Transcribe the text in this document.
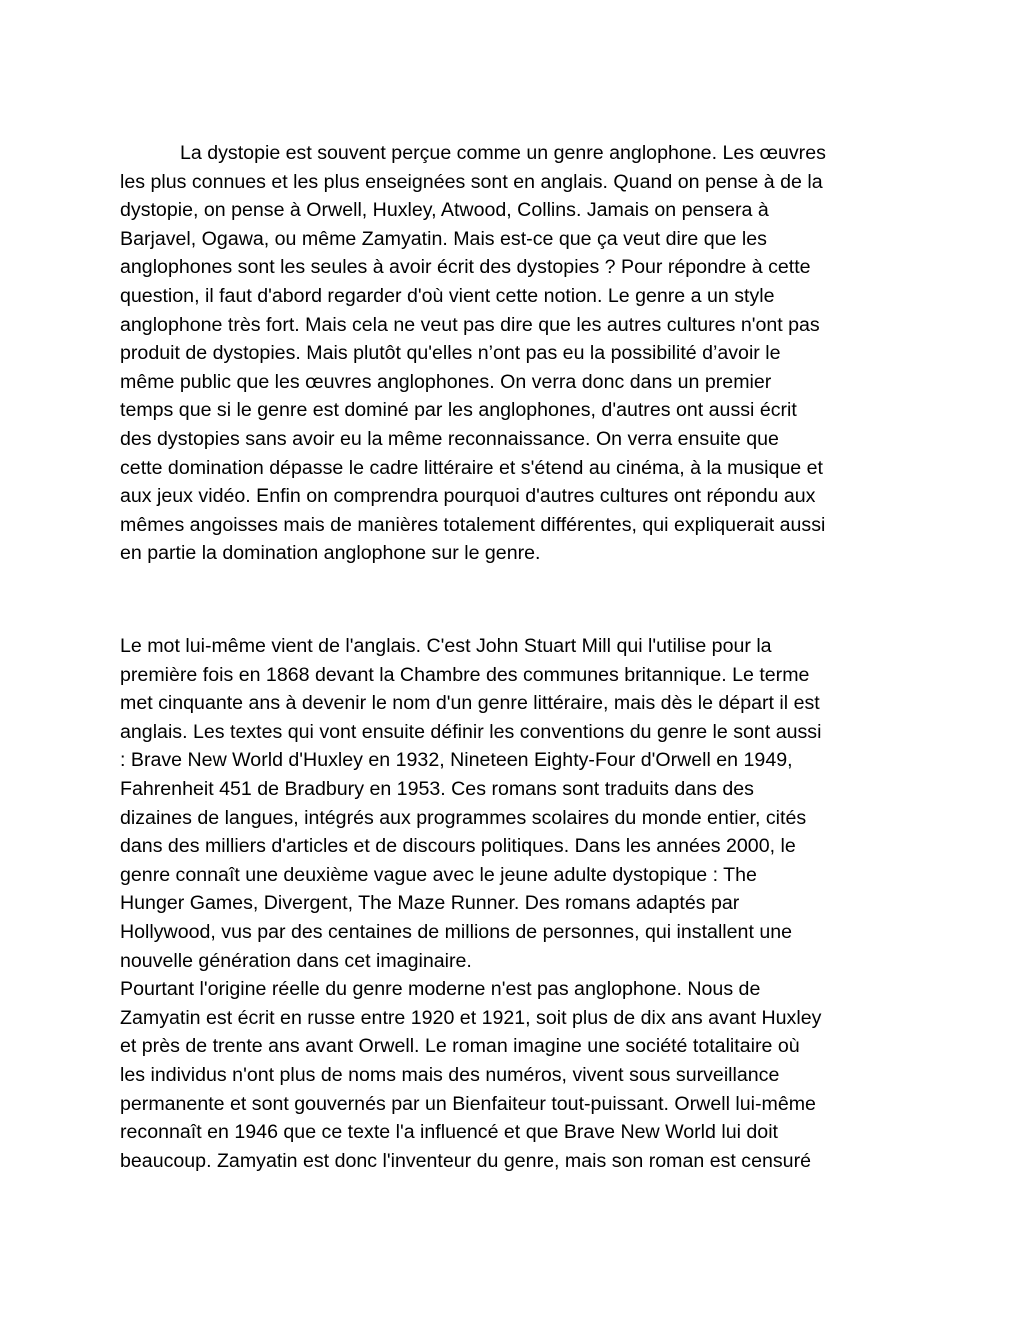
La dystopie est souvent perçue comme un genre anglophone. Les œuvres
les plus connues et les plus enseignées sont en anglais. Quand on pense à de la
dystopie, on pense à Orwell, Huxley, Atwood, Collins. Jamais on pensera à
Barjavel, Ogawa, ou même Zamyatin. Mais est-ce que ça veut dire que les
anglophones sont les seules à avoir écrit des dystopies ? Pour répondre à cette
question, il faut d'abord regarder d'où vient cette notion. Le genre a un style
anglophone très fort. Mais cela ne veut pas dire que les autres cultures n'ont pas
produit de dystopies. Mais plutôt qu'elles n’ont pas eu la possibilité d’avoir le
même public que les œuvres anglophones. On verra donc dans un premier
temps que si le genre est dominé par les anglophones, d'autres ont aussi écrit
des dystopies sans avoir eu la même reconnaissance. On verra ensuite que
cette domination dépasse le cadre littéraire et s'étend au cinéma, à la musique et
aux jeux vidéo. Enfin on comprendra pourquoi d'autres cultures ont répondu aux
mêmes angoisses mais de manières totalement différentes, qui expliquerait aussi
en partie la domination anglophone sur le genre.
Le mot lui-même vient de l'anglais. C'est John Stuart Mill qui l'utilise pour la
première fois en 1868 devant la Chambre des communes britannique. Le terme
met cinquante ans à devenir le nom d'un genre littéraire, mais dès le départ il est
anglais. Les textes qui vont ensuite définir les conventions du genre le sont aussi
: Brave New World d'Huxley en 1932, Nineteen Eighty-Four d'Orwell en 1949,
Fahrenheit 451 de Bradbury en 1953. Ces romans sont traduits dans des
dizaines de langues, intégrés aux programmes scolaires du monde entier, cités
dans des milliers d'articles et de discours politiques. Dans les années 2000, le
genre connaît une deuxième vague avec le jeune adulte dystopique : The
Hunger Games, Divergent, The Maze Runner. Des romans adaptés par
Hollywood, vus par des centaines de millions de personnes, qui installent une
nouvelle génération dans cet imaginaire.
Pourtant l'origine réelle du genre moderne n'est pas anglophone. Nous de
Zamyatin est écrit en russe entre 1920 et 1921, soit plus de dix ans avant Huxley
et près de trente ans avant Orwell. Le roman imagine une société totalitaire où
les individus n'ont plus de noms mais des numéros, vivent sous surveillance
permanente et sont gouvernés par un Bienfaiteur tout-puissant. Orwell lui-même
reconnaît en 1946 que ce texte l'a influencé et que Brave New World lui doit
beaucoup. Zamyatin est donc l'inventeur du genre, mais son roman est censuré
